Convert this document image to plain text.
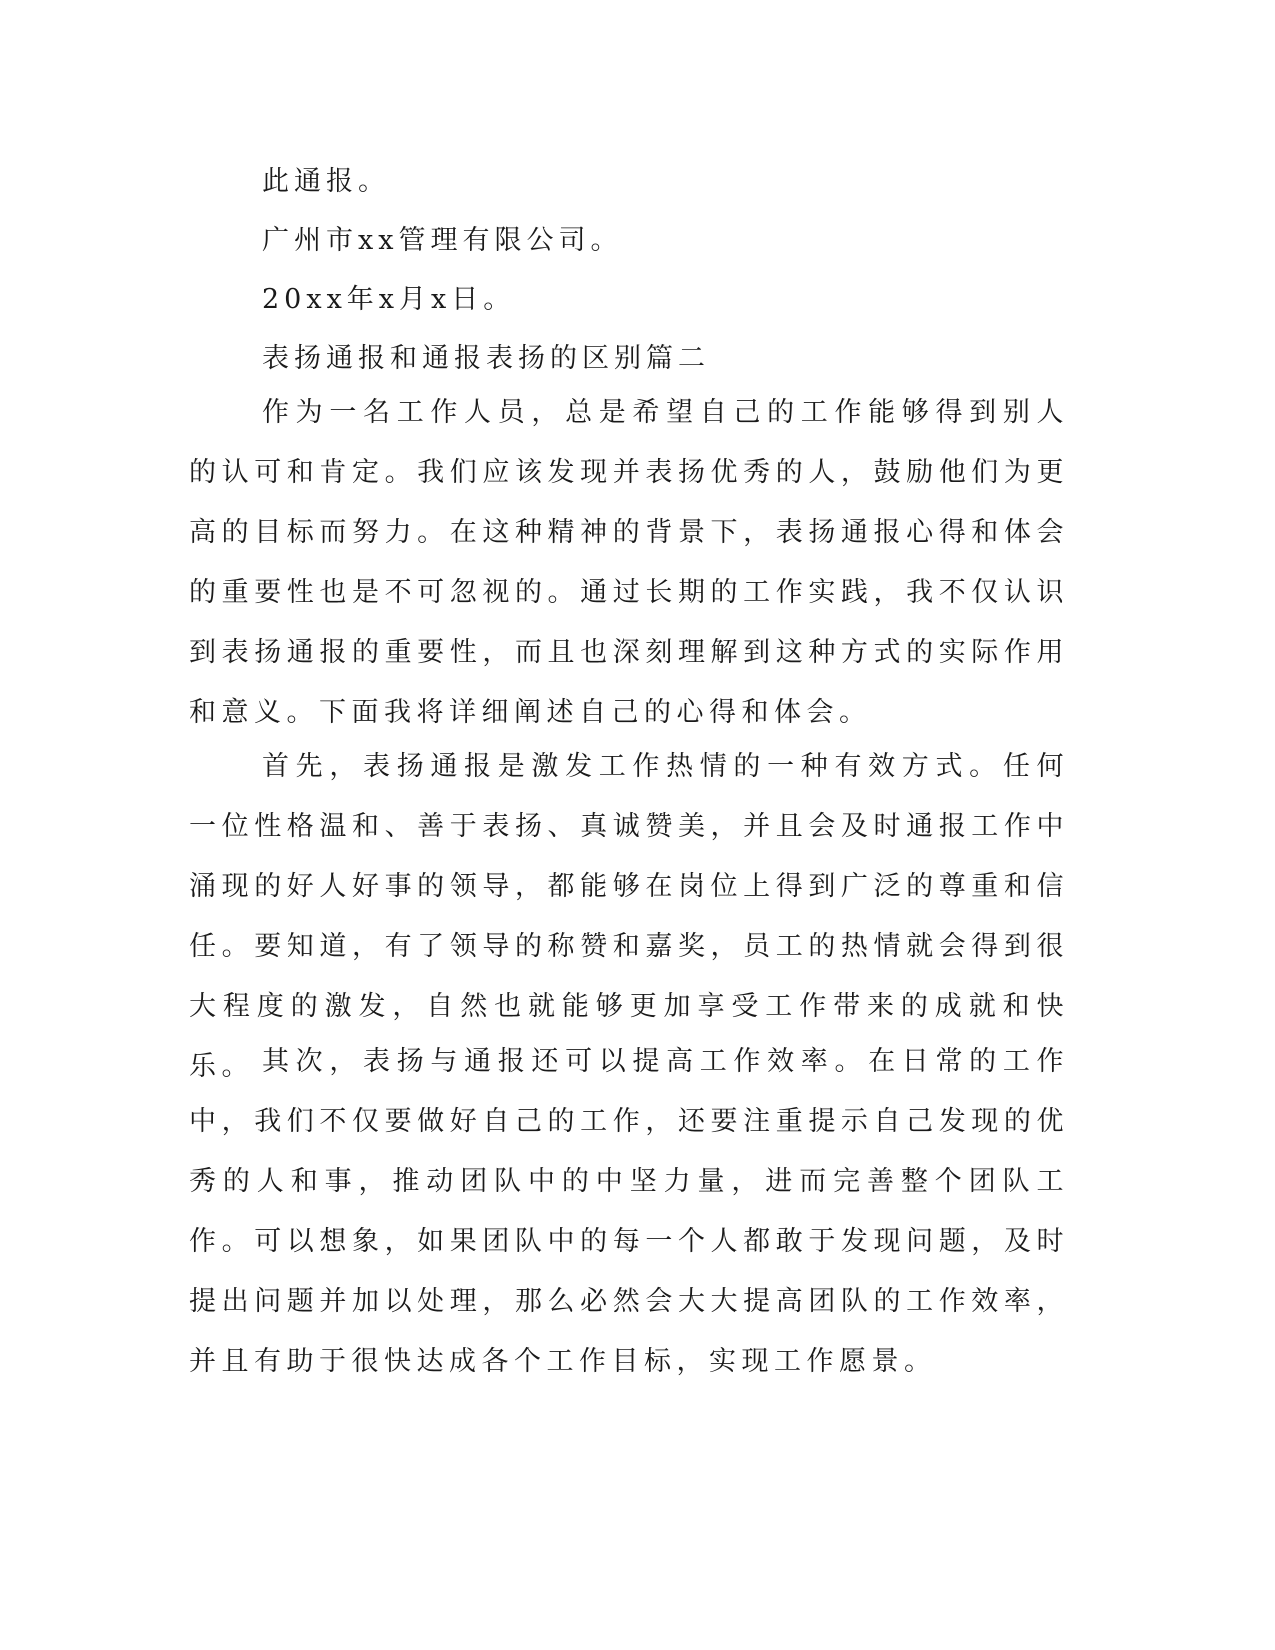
此通报。
广州市xx管理有限公司。
20xx年x月x日。
表扬通报和通报表扬的区别篇二

作为一名工作人员，总是希望自己的工作能够得到别人的认可和肯定。我们应该发现并表扬优秀的人，鼓励他们为更高的目标而努力。在这种精神的背景下，表扬通报心得和体会的重要性也是不可忽视的。通过长期的工作实践，我不仅认识到表扬通报的重要性，而且也深刻理解到这种方式的实际作用和意义。下面我将详细阐述自己的心得和体会。

首先，表扬通报是激发工作热情的一种有效方式。任何一位性格温和、善于表扬、真诚赞美，并且会及时通报工作中涌现的好人好事的领导，都能够在岗位上得到广泛的尊重和信任。要知道，有了领导的称赞和嘉奖，员工的热情就会得到很大程度的激发，自然也就能够更加享受工作带来的成就和快乐。 其次，表扬与通报还可以提高工作效率。在日常的工作中，我们不仅要做好自己的工作，还要注重提示自己发现的优秀的人和事，推动团队中的中坚力量，进而完善整个团队工作。可以想象，如果团队中的每一个人都敢于发现问题，及时提出问题并加以处理，那么必然会大大提高团队的工作效率，并且有助于很快达成各个工作目标，实现工作愿景。
